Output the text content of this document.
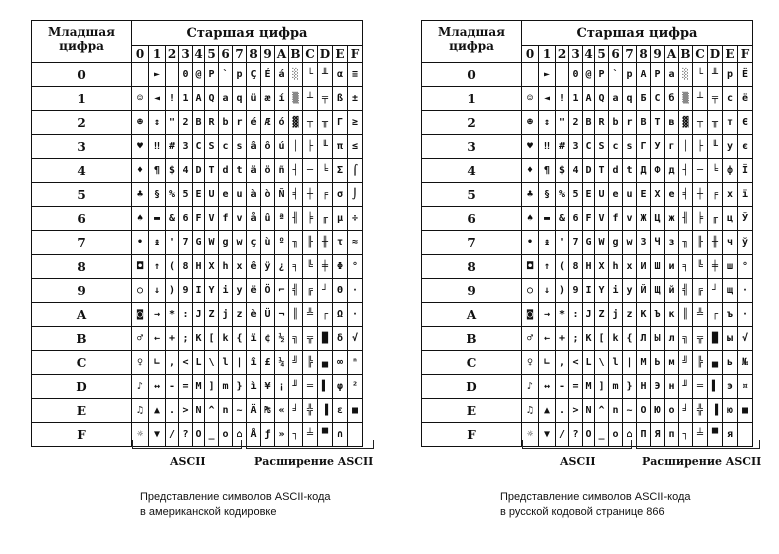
Младшая цифра	Старшая цифра															
	0	1	2	3	4	5	6	7	8	9	A	B	C	D	E	F
0		►		0	@	P	`	p	Ç	É	á	░	└	╨	α	≡
1	☺	◄	!	1	A	Q	a	q	ü	æ	í	▒	┴	╤	ß	±
2	☻	↕	"	2	B	R	b	r	é	Æ	ó	▓	┬	╥	Γ	≥
3	♥	‼	#	3	C	S	c	s	â	ô	ú	│	├	╙	π	≤
4	♦	¶	$	4	D	T	d	t	ä	ö	ñ	┤	─	╘	Σ	⌠
5	♣	§	%	5	E	U	e	u	à	ò	Ñ	╡	┼	╒	σ	⌡
6	♠	▬	&	6	F	V	f	v	å	û	ª	╢	╞	╓	µ	÷
7	•	↨	'	7	G	W	g	w	ç	ù	º	╖	╟	╫	τ	≈
8	◘	↑	(	8	H	X	h	x	ê	ÿ	¿	╕	╚	╪	Φ	°
9	○	↓	)	9	I	Y	i	y	ë	Ö	⌐	╣	╔	┘	Θ	·
A	◙	→	*	:	J	Z	j	z	è	Ü	¬	║	╩	┌	Ω	·
B	♂	←	+	;	K	[	k	{	ï	¢	½	╗	╦	█	δ	√
C	♀	∟	,	<	L	\	l	|	î	£	¼	╝	╠	▄	∞	ⁿ
D	♪	↔	-	=	M	]	m	}	ì	¥	¡	╜	═	▌	φ	²
E	♫	▲	.	>	N	^	n	~	Ä	₧	«	╛	╬	▐	ε	■
F	☼	▼	/	?	O	_	o	⌂	Å	ƒ	»	┐	╧	▀	∩	
Младшая цифра	Старшая цифра															
	0	1	2	3	4	5	6	7	8	9	A	B	C	D	E	F
0		►		0	@	P	`	p	А	Р	а	░	└	╨	р	Ё
1	☺	◄	!	1	A	Q	a	q	Б	С	б	▒	┴	╤	с	ё
2	☻	↕	"	2	B	R	b	r	В	Т	в	▓	┬	╥	т	Є
3	♥	‼	#	3	C	S	c	s	Г	У	г	│	├	╙	у	є
4	♦	¶	$	4	D	T	d	t	Д	Ф	д	┤	─	╘	ф	Ї
5	♣	§	%	5	E	U	e	u	Е	Х	е	╡	┼	╒	х	ї
6	♠	▬	&	6	F	V	f	v	Ж	Ц	ж	╢	╞	╓	ц	Ў
7	•	↨	'	7	G	W	g	w	З	Ч	з	╖	╟	╫	ч	ў
8	◘	↑	(	8	H	X	h	x	И	Ш	и	╕	╚	╪	ш	°
9	○	↓	)	9	I	Y	i	y	Й	Щ	й	╣	╔	┘	щ	·
A	◙	→	*	:	J	Z	j	z	К	Ъ	к	║	╩	┌	ъ	·
B	♂	←	+	;	K	[	k	{	Л	Ы	л	╗	╦	█	ы	√
C	♀	∟	,	<	L	\	l	|	М	Ь	м	╝	╠	▄	ь	№
D	♪	↔	-	=	M	]	m	}	Н	Э	н	╜	═	▌	э	¤
E	♫	▲	.	>	N	^	n	~	О	Ю	о	╛	╬	▐	ю	■
F	☼	▼	/	?	O	_	o	⌂	П	Я	п	┐	╧	▀	я	
ASCII	Расширение ASCII	ASCII	Расширение ASCII
Представление символов ASCII-кода
в американской кодировке
Представление символов ASCII-кода
в русской кодовой странице 866
